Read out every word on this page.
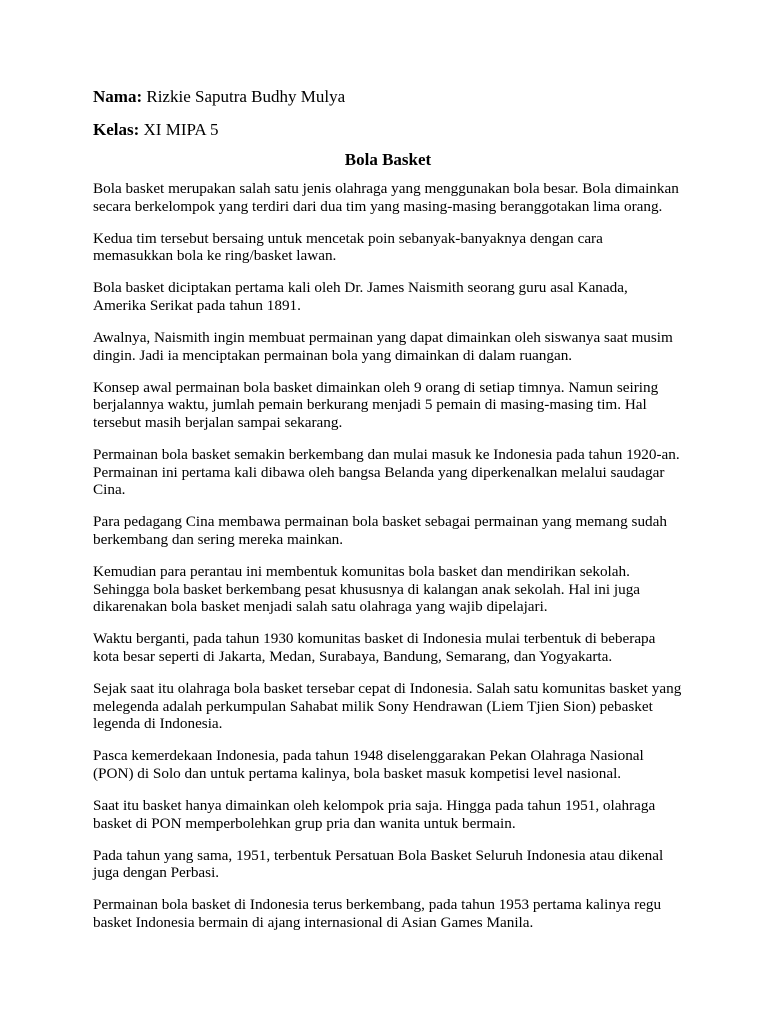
Nama: Rizkie Saputra Budhy Mulya

Kelas: XI MIPA 5

Bola Basket

Bola basket merupakan salah satu jenis olahraga yang menggunakan bola besar. Bola dimainkan secara berkelompok yang terdiri dari dua tim yang masing-masing beranggotakan lima orang.

Kedua tim tersebut bersaing untuk mencetak poin sebanyak-banyaknya dengan cara memasukkan bola ke ring/basket lawan.

Bola basket diciptakan pertama kali oleh Dr. James Naismith seorang guru asal Kanada, Amerika Serikat pada tahun 1891.

Awalnya, Naismith ingin membuat permainan yang dapat dimainkan oleh siswanya saat musim dingin. Jadi ia menciptakan permainan bola yang dimainkan di dalam ruangan.

Konsep awal permainan bola basket dimainkan oleh 9 orang di setiap timnya. Namun seiring berjalannya waktu, jumlah pemain berkurang menjadi 5 pemain di masing-masing tim. Hal tersebut masih berjalan sampai sekarang.

Permainan bola basket semakin berkembang dan mulai masuk ke Indonesia pada tahun 1920-an. Permainan ini pertama kali dibawa oleh bangsa Belanda yang diperkenalkan melalui saudagar Cina.

Para pedagang Cina membawa permainan bola basket sebagai permainan yang memang sudah berkembang dan sering mereka mainkan.

Kemudian para perantau ini membentuk komunitas bola basket dan mendirikan sekolah. Sehingga bola basket berkembang pesat khususnya di kalangan anak sekolah. Hal ini juga dikarenakan bola basket menjadi salah satu olahraga yang wajib dipelajari.

Waktu berganti, pada tahun 1930 komunitas basket di Indonesia mulai terbentuk di beberapa kota besar seperti di Jakarta, Medan, Surabaya, Bandung, Semarang, dan Yogyakarta.

Sejak saat itu olahraga bola basket tersebar cepat di Indonesia. Salah satu komunitas basket yang melegenda adalah perkumpulan Sahabat milik Sony Hendrawan (Liem Tjien Sion) pebasket legenda di Indonesia.

Pasca kemerdekaan Indonesia, pada tahun 1948 diselenggarakan Pekan Olahraga Nasional (PON) di Solo dan untuk pertama kalinya, bola basket masuk kompetisi level nasional.

Saat itu basket hanya dimainkan oleh kelompok pria saja. Hingga pada tahun 1951, olahraga basket di PON memperbolehkan grup pria dan wanita untuk bermain.

Pada tahun yang sama, 1951, terbentuk Persatuan Bola Basket Seluruh Indonesia atau dikenal juga dengan Perbasi.

Permainan bola basket di Indonesia terus berkembang, pada tahun 1953 pertama kalinya regu basket Indonesia bermain di ajang internasional di Asian Games Manila.
